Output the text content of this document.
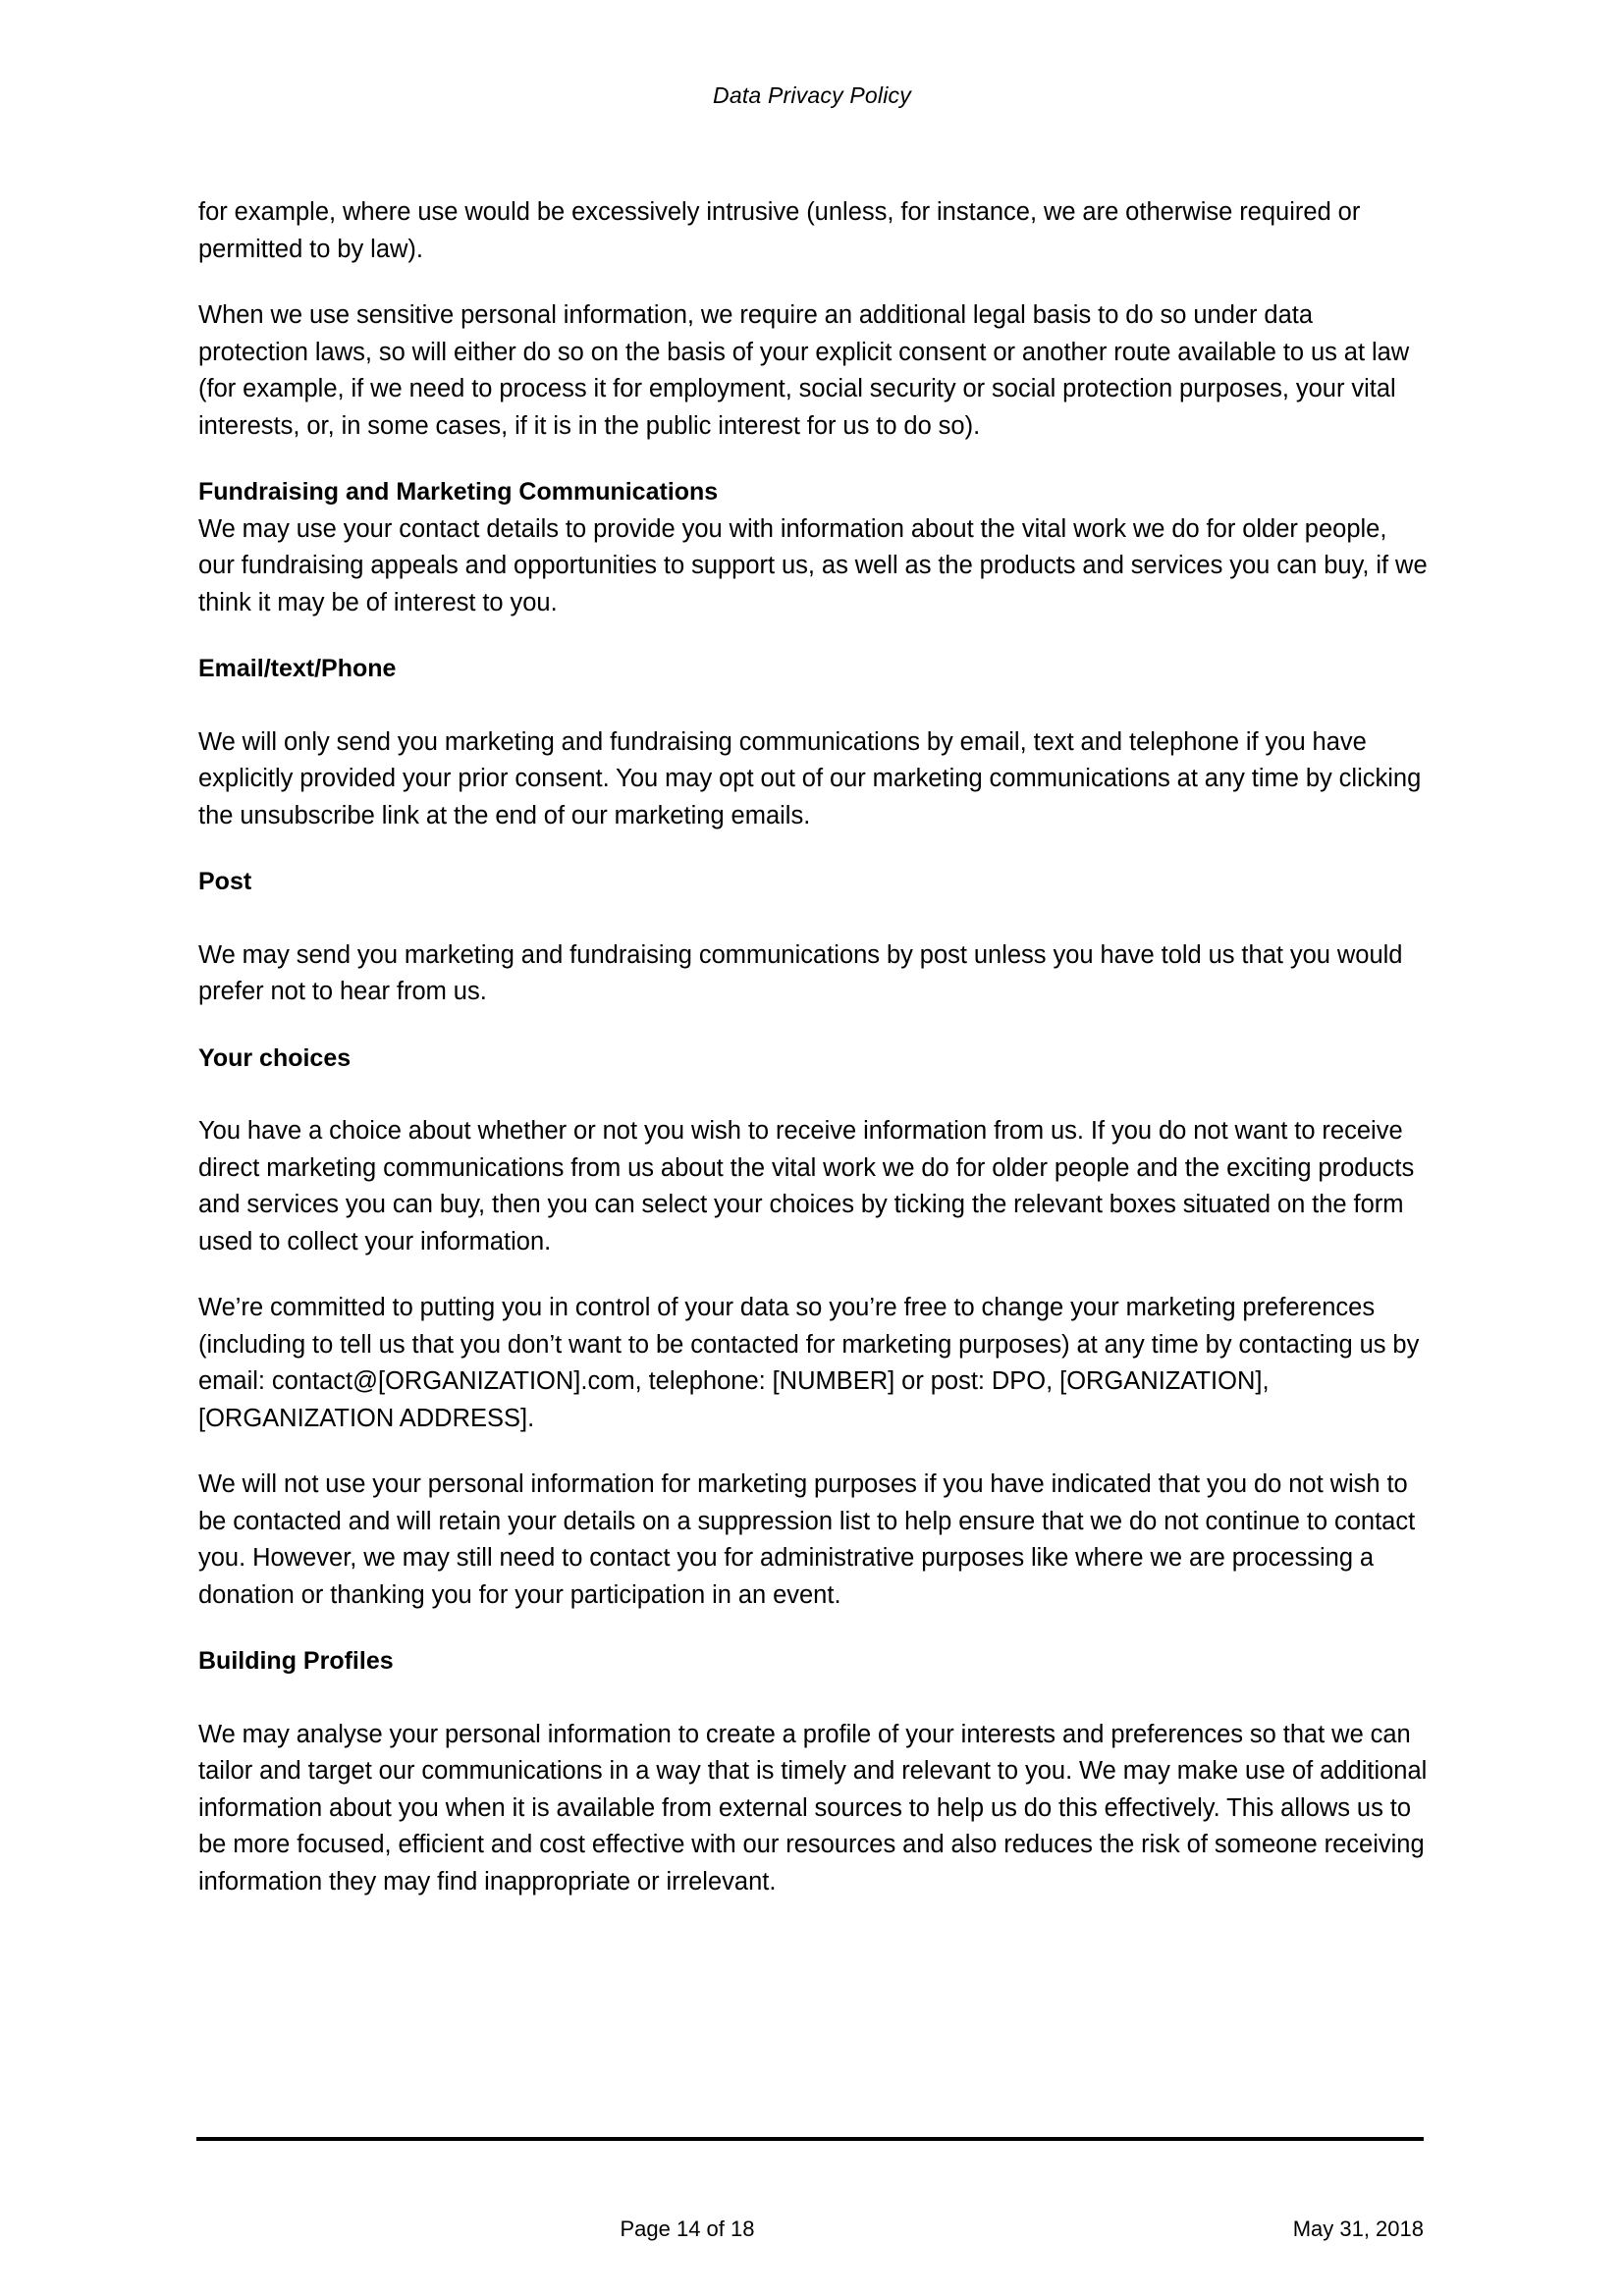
Data Privacy Policy

for example, where use would be excessively intrusive (unless, for instance, we are otherwise required or permitted to by law).

When we use sensitive personal information, we require an additional legal basis to do so under data protection laws, so will either do so on the basis of your explicit consent or another route available to us at law (for example, if we need to process it for employment, social security or social protection purposes, your vital interests, or, in some cases, if it is in the public interest for us to do so).

Fundraising and Marketing Communications

We may use your contact details to provide you with information about the vital work we do for older people, our fundraising appeals and opportunities to support us, as well as the products and services you can buy, if we think it may be of interest to you.

Email/text/Phone

We will only send you marketing and fundraising communications by email, text and telephone if you have explicitly provided your prior consent. You may opt out of our marketing communications at any time by clicking the unsubscribe link at the end of our marketing emails.

Post

We may send you marketing and fundraising communications by post unless you have told us that you would prefer not to hear from us.

Your choices

You have a choice about whether or not you wish to receive information from us. If you do not want to receive direct marketing communications from us about the vital work we do for older people and the exciting products and services you can buy, then you can select your choices by ticking the relevant boxes situated on the form used to collect your information.

We’re committed to putting you in control of your data so you’re free to change your marketing preferences (including to tell us that you don’t want to be contacted for marketing purposes) at any time by contacting us by email: contact@[ORGANIZATION].com, telephone: [NUMBER] or post: DPO, [ORGANIZATION], [ORGANIZATION ADDRESS].

We will not use your personal information for marketing purposes if you have indicated that you do not wish to be contacted and will retain your details on a suppression list to help ensure that we do not continue to contact you. However, we may still need to contact you for administrative purposes like where we are processing a donation or thanking you for your participation in an event.

Building Profiles

We may analyse your personal information to create a profile of your interests and preferences so that we can tailor and target our communications in a way that is timely and relevant to you. We may make use of additional information about you when it is available from external sources to help us do this effectively. This allows us to be more focused, efficient and cost effective with our resources and also reduces the risk of someone receiving information they may find inappropriate or irrelevant.

Page 14 of 18	May 31, 2018
